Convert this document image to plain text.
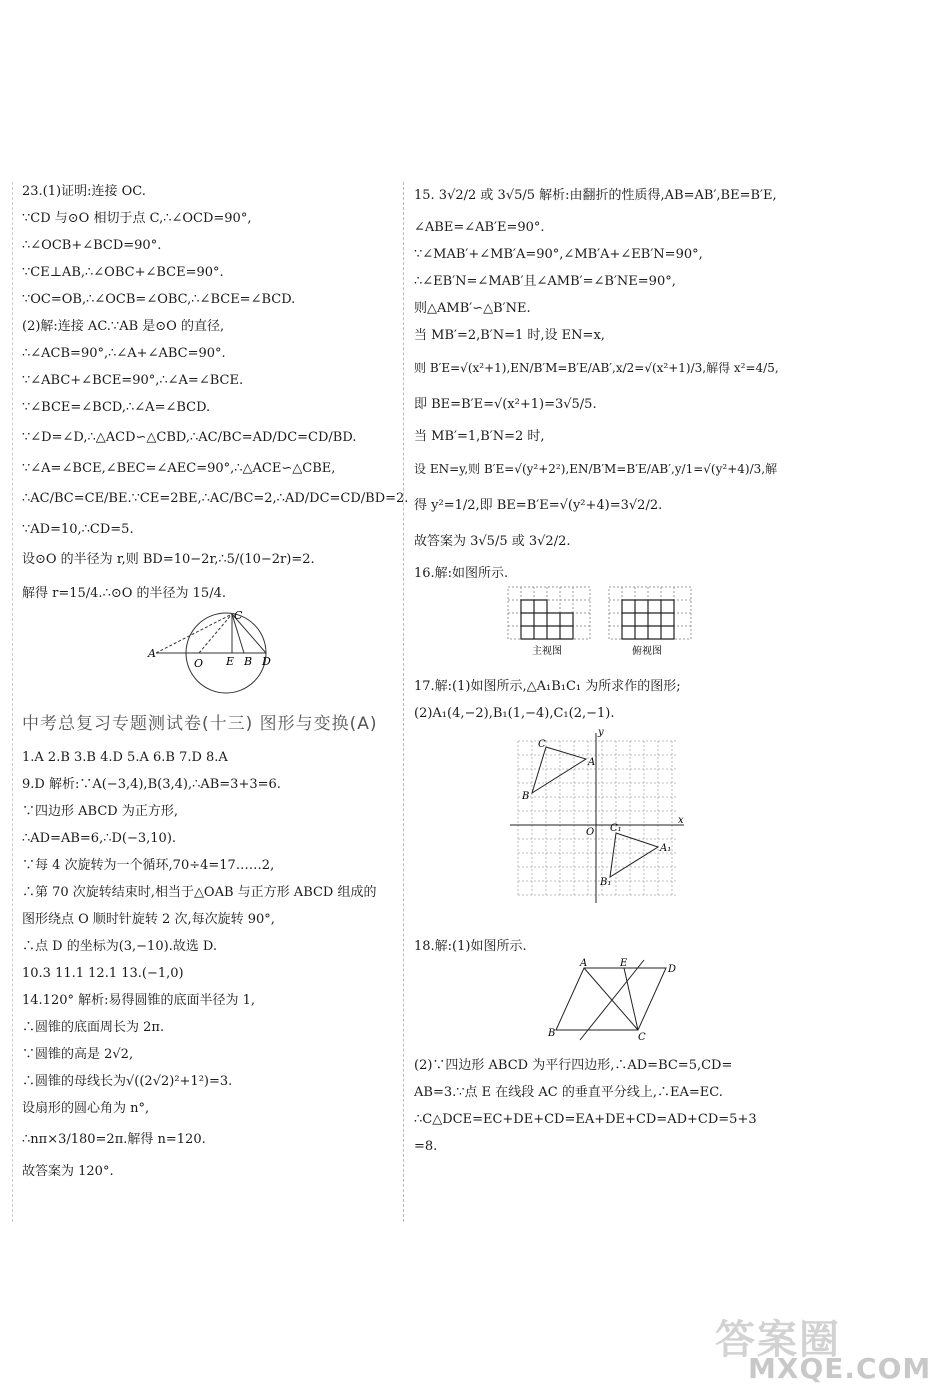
23.(1)证明:连接 OC.
∵CD 与⊙O 相切于点 C,∴∠OCD=90°,
∴∠OCB+∠BCD=90°.
∵CE⊥AB,∴∠OBC+∠BCE=90°.
∵OC=OB,∴∠OCB=∠OBC,∴∠BCE=∠BCD.
(2)解:连接 AC.∵AB 是⊙O 的直径,
∴∠ACB=90°,∴∠A+∠ABC=90°.
∵∠ABC+∠BCE=90°,∴∠A=∠BCE.
∵∠BCE=∠BCD,∴∠A=∠BCD.
∵∠D=∠D,∴△ACD∽△CBD,∴AC/BC=AD/DC=CD/BD.
∵∠A=∠BCE,∠BEC=∠AEC=90°,∴△ACE∽△CBE,
∴AC/BC=CE/BE.∵CE=2BE,∴AC/BC=2,∴AD/DC=CD/BD=2.
∵AD=10,∴CD=5.
设⊙O 的半径为 r,则 BD=10−2r,∴5/(10−2r)=2.
解得 r=15/4.∴⊙O 的半径为 15/4.
A
O E B D
C
中考总复习专题测试卷(十三) 图形与变换(A)
1.A 2.B 3.B 4.D 5.A 6.B 7.D 8.A
9.D 解析:∵A(−3,4),B(3,4),∴AB=3+3=6.
∵四边形 ABCD 为正方形,
∴AD=AB=6,∴D(−3,10).
∵每 4 次旋转为一个循环,70÷4=17……2,
∴第 70 次旋转结束时,相当于△OAB 与正方形 ABCD 组成的
图形绕点 O 顺时针旋转 2 次,每次旋转 90°,
∴点 D 的坐标为(3,−10).故选 D.
10.3 11.1 12.1 13.(−1,0)
14.120° 解析:易得圆锥的底面半径为 1,
∴圆锥的底面周长为 2π.
∵圆锥的高是 2√2,
∴圆锥的母线长为√((2√2)²+1²)=3.
设扇形的圆心角为 n°,
∴nπ×3/180=2π.解得 n=120.
故答案为 120°.
15. 3√2/2 或 3√5/5 解析:由翻折的性质得,AB=AB′,BE=B′E,
∠ABE=∠AB′E=90°.
∵∠MAB′+∠MB′A=90°,∠MB′A+∠EB′N=90°,
∴∠EB′N=∠MAB′且∠AMB′=∠B′NE=90°,
则△AMB′∽△B′NE.
当 MB′=2,B′N=1 时,设 EN=x,
则 B′E=√(x²+1),EN/B′M=B′E/AB′,x/2=√(x²+1)/3,解得 x²=4/5,
即 BE=B′E=√(x²+1)=3√5/5.
当 MB′=1,B′N=2 时,
设 EN=y,则 B′E=√(y²+2²),EN/B′M=B′E/AB′,y/1=√(y²+4)/3,解
得 y²=1/2,即 BE=B′E=√(y²+4)=3√2/2.
故答案为 3√5/5 或 3√2/2.
16.解:如图所示.
主视图	俯视图
17.解:(1)如图所示,△A₁B₁C₁ 为所求作的图形;
(2)A₁(4,−2),B₁(1,−4),C₁(2,−1).
y
x
O
C
A
B
C₁
A₁
B₁
18.解:(1)如图所示.
A	E
D
B	C
(2)∵四边形 ABCD 为平行四边形,∴AD=BC=5,CD=
AB=3.∵点 E 在线段 AC 的垂直平分线上,∴EA=EC.
∴C△DCE=EC+DE+CD=EA+DE+CD=AD+CD=5+3
=8.
答案圈
MXQE.COM
